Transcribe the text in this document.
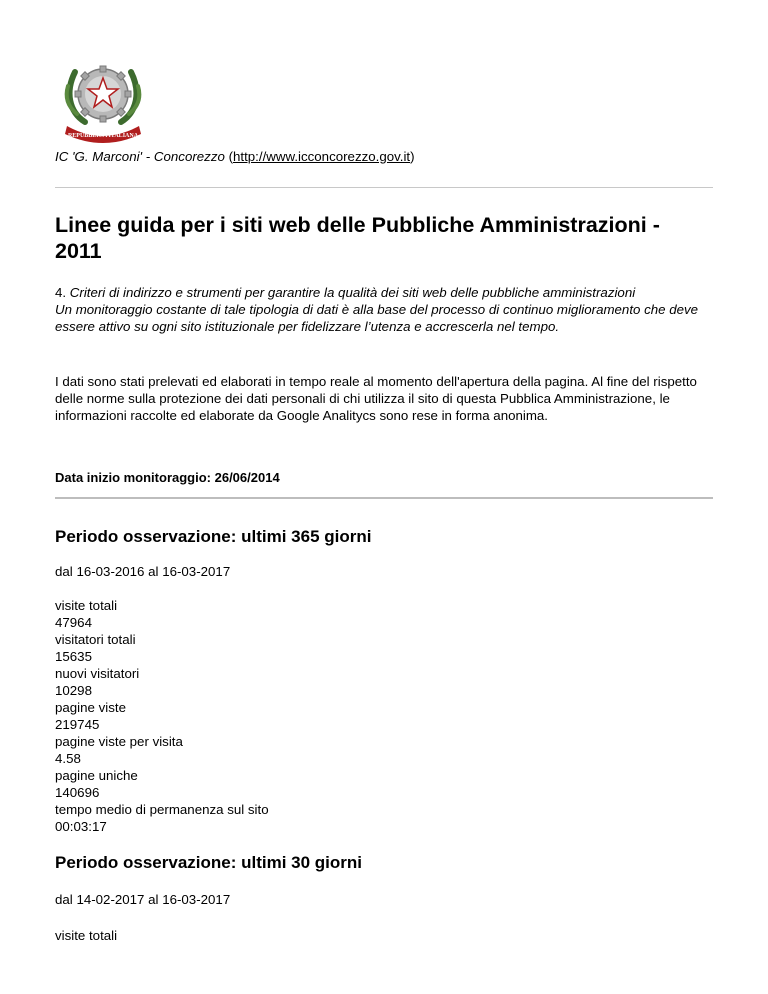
REPUBBLICA ITALIANA
IC 'G. Marconi' - Concorezzo (http://www.icconcorezzo.gov.it)
Linee guida per i siti web delle Pubbliche Amministrazioni - 2011
4. Criteri di indirizzo e strumenti per garantire la qualità dei siti web delle pubbliche amministrazioni
Un monitoraggio costante di tale tipologia di dati è alla base del processo di continuo miglioramento che deve essere attivo su ogni sito istituzionale per fidelizzare l’utenza e accrescerla nel tempo.
I dati sono stati prelevati ed elaborati in tempo reale al momento dell'apertura della pagina. Al fine del rispetto delle norme sulla protezione dei dati personali di chi utilizza il sito di questa Pubblica Amministrazione, le informazioni raccolte ed elaborate da Google Analitycs sono rese in forma anonima.
Data inizio monitoraggio: 26/06/2014
Periodo osservazione: ultimi 365 giorni
dal 16-03-2016 al 16-03-2017
visite totali
47964
visitatori totali
15635
nuovi visitatori
10298
pagine viste
219745
pagine viste per visita
4.58
pagine uniche
140696
tempo medio di permanenza sul sito
00:03:17
Periodo osservazione: ultimi 30 giorni
dal 14-02-2017 al 16-03-2017
visite totali
